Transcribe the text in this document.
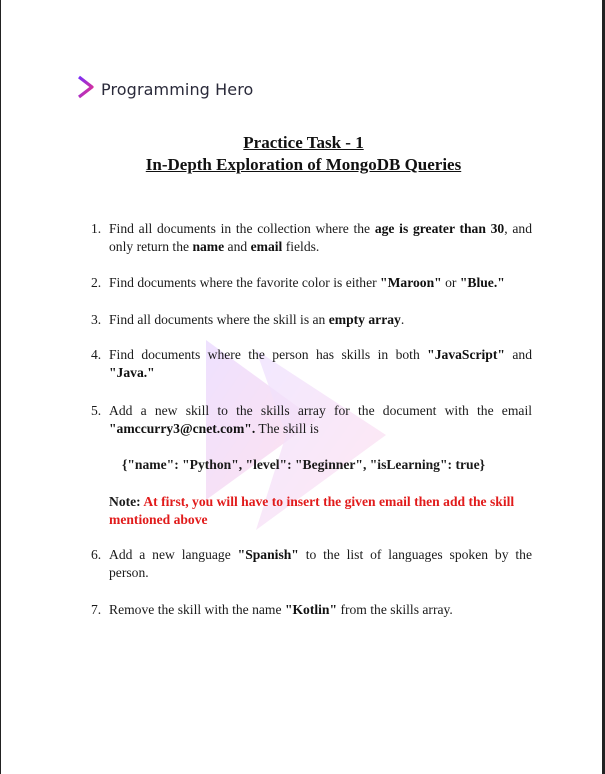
Programming Hero
Practice Task - 1
In-Depth Exploration of MongoDB Queries
1. Find all documents in the collection where the age is greater than 30, and only return the name and email fields.
2. Find documents where the favorite color is either "Maroon" or "Blue."
3. Find all documents where the skill is an empty array.
4. Find documents where the person has skills in both "JavaScript" and "Java."
5. Add a new skill to the skills array for the document with the email "amccurry3@cnet.com". The skill is
{"name": "Python", "level": "Beginner", "isLearning": true}
Note: At first, you will have to insert the given email then add the skill mentioned above
6. Add a new language "Spanish" to the list of languages spoken by the person.
7. Remove the skill with the name "Kotlin" from the skills array.
